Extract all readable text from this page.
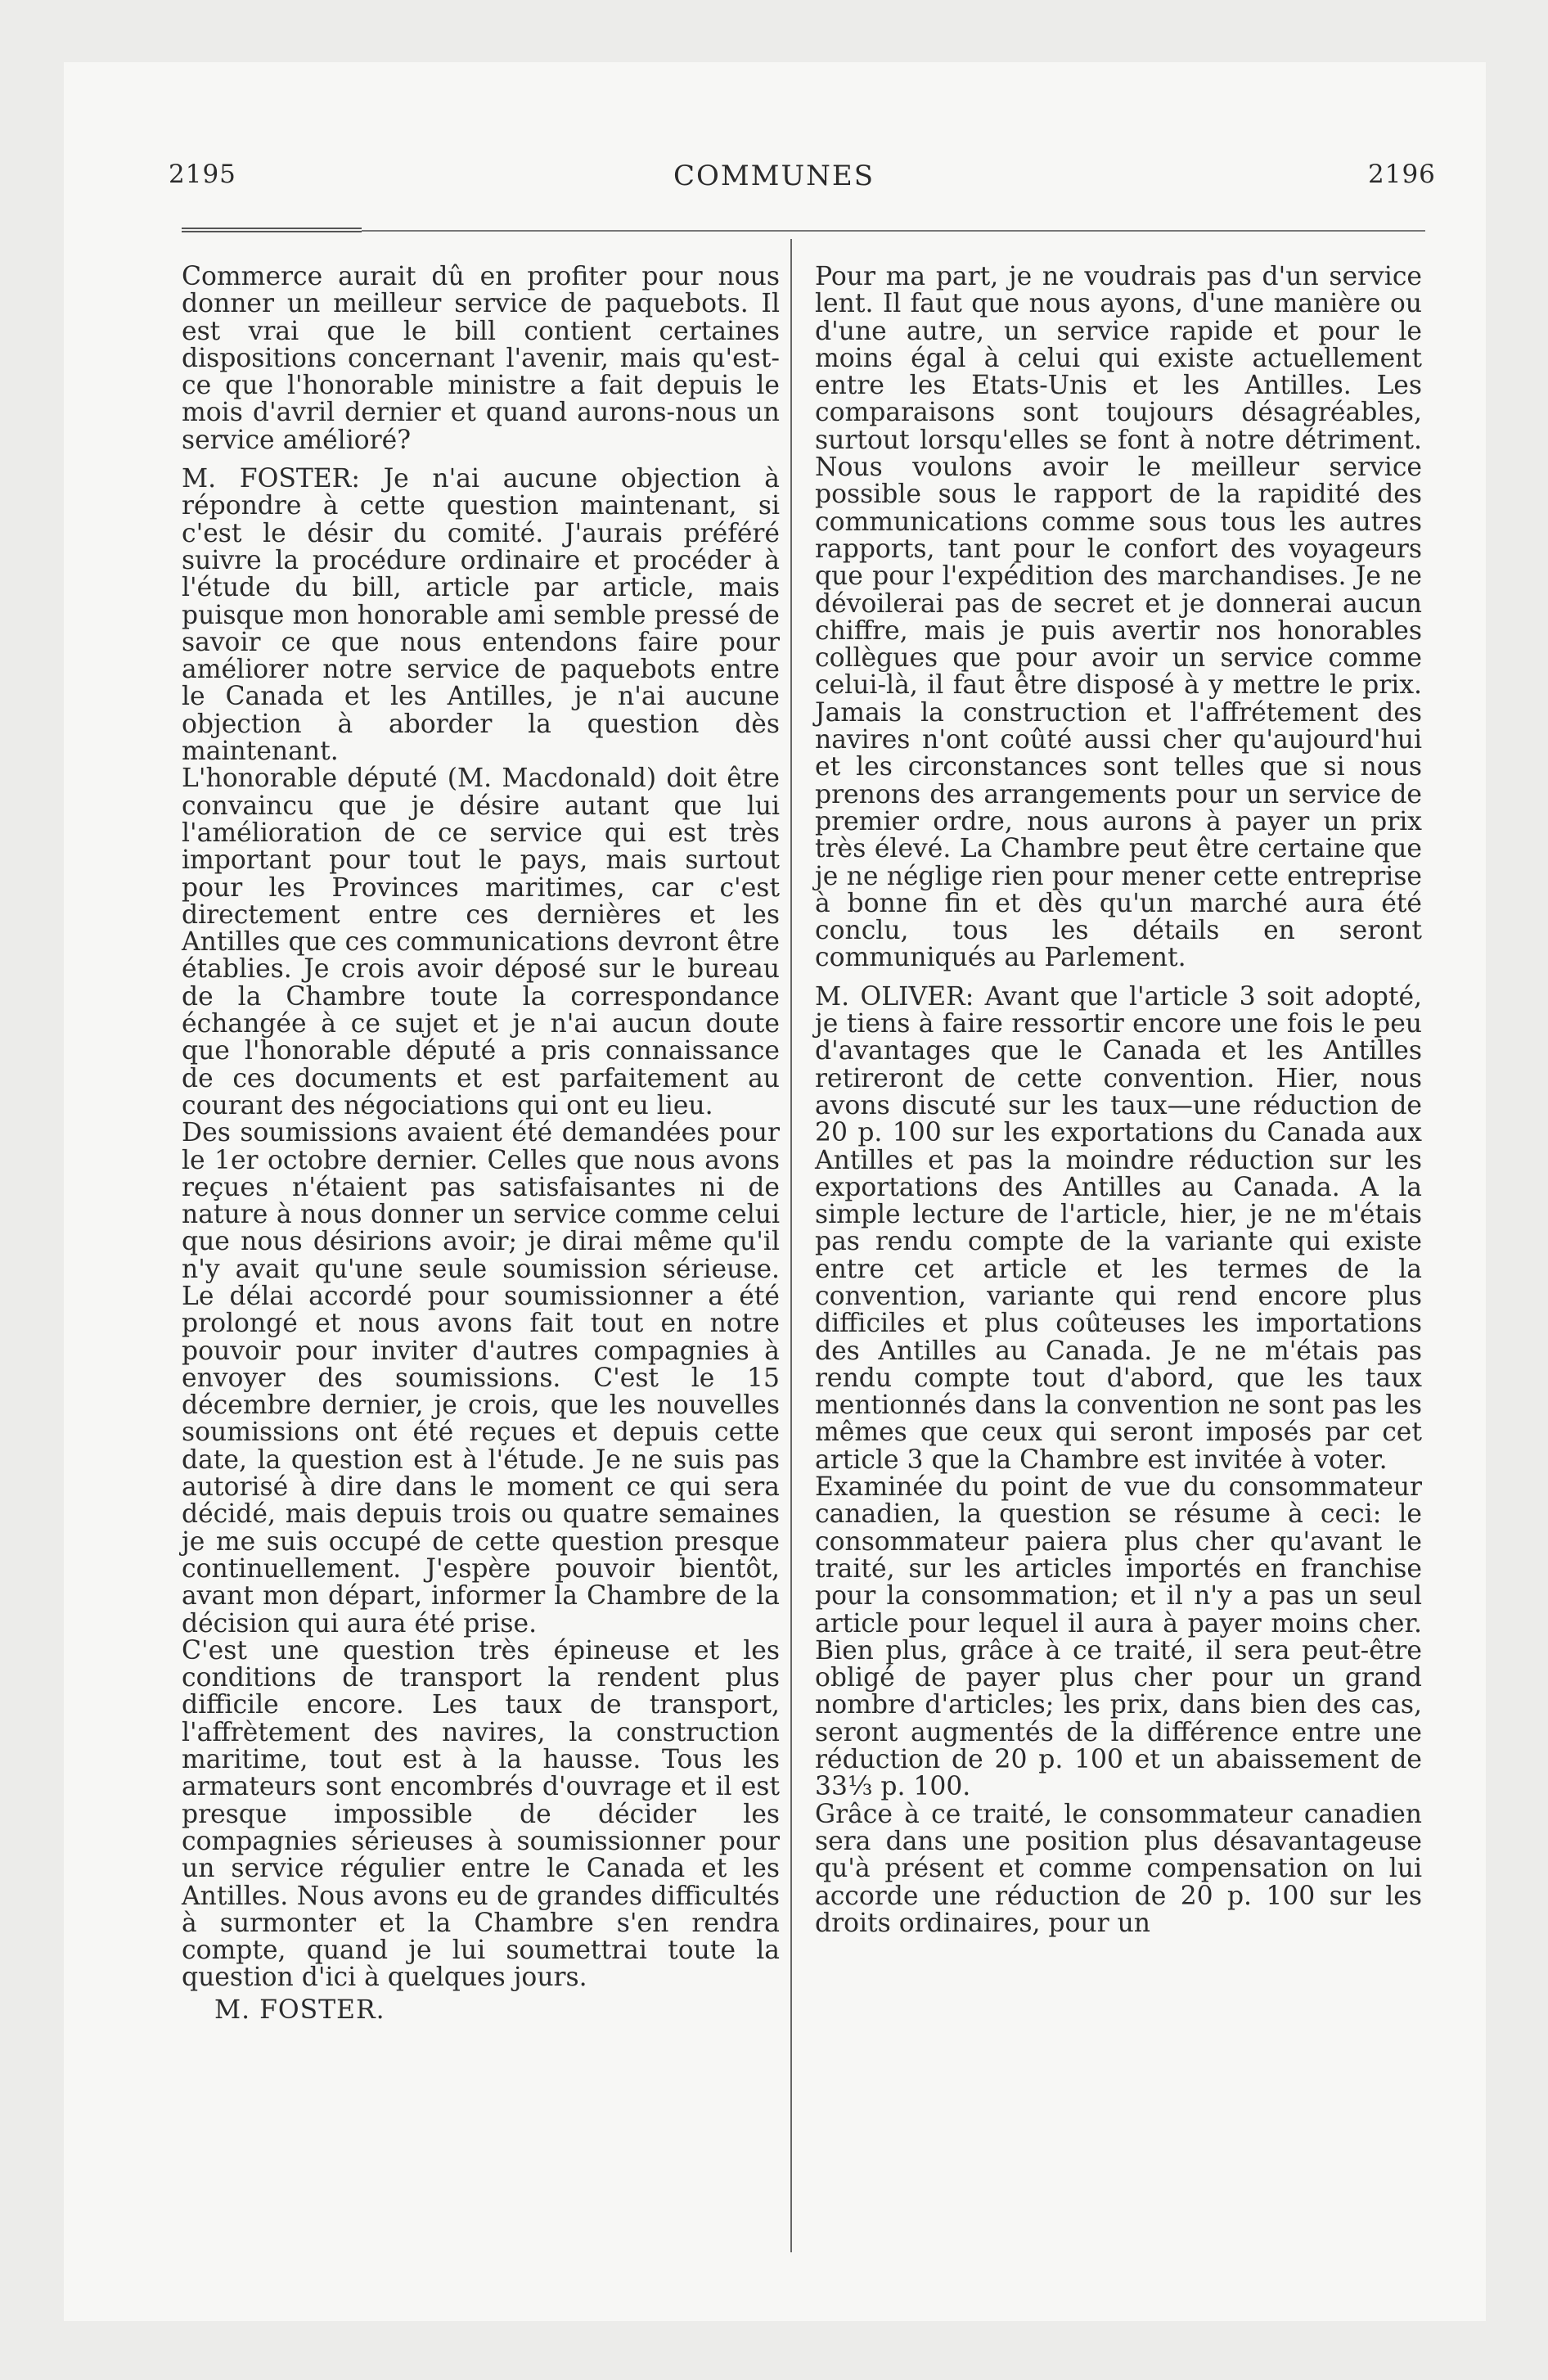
2195	COMMUNES	2196

Commerce aurait dû en profiter pour nous donner un meilleur service de paquebots. Il est vrai que le bill contient certaines dispositions concernant l'avenir, mais qu'est-ce que l'honorable ministre a fait depuis le mois d'avril dernier et quand aurons-nous un service amélioré?

M. FOSTER: Je n'ai aucune objection à répondre à cette question maintenant, si c'est le désir du comité. J'aurais préféré suivre la procédure ordinaire et procéder à l'étude du bill, article par article, mais puisque mon honorable ami semble pressé de savoir ce que nous entendons faire pour améliorer notre service de paquebots entre le Canada et les Antilles, je n'ai aucune objection à aborder la question dès maintenant.

L'honorable député (M. Macdonald) doit être convaincu que je désire autant que lui l'amélioration de ce service qui est très important pour tout le pays, mais surtout pour les Provinces maritimes, car c'est directement entre ces dernières et les Antilles que ces communications devront être établies. Je crois avoir déposé sur le bureau de la Chambre toute la correspondance échangée à ce sujet et je n'ai aucun doute que l'honorable député a pris connaissance de ces documents et est parfaitement au courant des négociations qui ont eu lieu.

Des soumissions avaient été demandées pour le 1er octobre dernier. Celles que nous avons reçues n'étaient pas satisfaisantes ni de nature à nous donner un service comme celui que nous désirions avoir; je dirai même qu'il n'y avait qu'une seule soumission sérieuse. Le délai accordé pour soumissionner a été prolongé et nous avons fait tout en notre pouvoir pour inviter d'autres compagnies à envoyer des soumissions. C'est le 15 décembre dernier, je crois, que les nouvelles soumissions ont été reçues et depuis cette date, la question est à l'étude. Je ne suis pas autorisé à dire dans le moment ce qui sera décidé, mais depuis trois ou quatre semaines je me suis occupé de cette question presque continuellement. J'espère pouvoir bientôt, avant mon départ, informer la Chambre de la décision qui aura été prise.

C'est une question très épineuse et les conditions de transport la rendent plus difficile encore. Les taux de transport, l'affrètement des navires, la construction maritime, tout est à la hausse. Tous les armateurs sont encombrés d'ouvrage et il est presque impossible de décider les compagnies sérieuses à soumissionner pour un service régulier entre le Canada et les Antilles. Nous avons eu de grandes difficultés à surmonter et la Chambre s'en rendra compte, quand je lui soumettrai toute la question d'ici à quelques jours.

M. FOSTER.

Pour ma part, je ne voudrais pas d'un service lent. Il faut que nous ayons, d'une manière ou d'une autre, un service rapide et pour le moins égal à celui qui existe actuellement entre les Etats-Unis et les Antilles. Les comparaisons sont toujours désagréables, surtout lorsqu'elles se font à notre détriment. Nous voulons avoir le meilleur service possible sous le rapport de la rapidité des communications comme sous tous les autres rapports, tant pour le confort des voyageurs que pour l'expédition des marchandises. Je ne dévoilerai pas de secret et je donnerai aucun chiffre, mais je puis avertir nos honorables collègues que pour avoir un service comme celui-là, il faut être disposé à y mettre le prix. Jamais la construction et l'affrétement des navires n'ont coûté aussi cher qu'aujourd'hui et les circonstances sont telles que si nous prenons des arrangements pour un service de premier ordre, nous aurons à payer un prix très élevé. La Chambre peut être certaine que je ne néglige rien pour mener cette entreprise à bonne fin et dès qu'un marché aura été conclu, tous les détails en seront communiqués au Parlement.

M. OLIVER: Avant que l'article 3 soit adopté, je tiens à faire ressortir encore une fois le peu d'avantages que le Canada et les Antilles retireront de cette convention. Hier, nous avons discuté sur les taux—une réduction de 20 p. 100 sur les exportations du Canada aux Antilles et pas la moindre réduction sur les exportations des Antilles au Canada. A la simple lecture de l'article, hier, je ne m'étais pas rendu compte de la variante qui existe entre cet article et les termes de la convention, variante qui rend encore plus difficiles et plus coûteuses les importations des Antilles au Canada. Je ne m'étais pas rendu compte tout d'abord, que les taux mentionnés dans la convention ne sont pas les mêmes que ceux qui seront imposés par cet article 3 que la Chambre est invitée à voter.

Examinée du point de vue du consommateur canadien, la question se résume à ceci: le consommateur paiera plus cher qu'avant le traité, sur les articles importés en franchise pour la consommation; et il n'y a pas un seul article pour lequel il aura à payer moins cher. Bien plus, grâce à ce traité, il sera peut-être obligé de payer plus cher pour un grand nombre d'articles; les prix, dans bien des cas, seront augmentés de la différence entre une réduction de 20 p. 100 et un abaissement de 33⅓ p. 100.

Grâce à ce traité, le consommateur canadien sera dans une position plus désavantageuse qu'à présent et comme compensation on lui accorde une réduction de 20 p. 100 sur les droits ordinaires, pour un
